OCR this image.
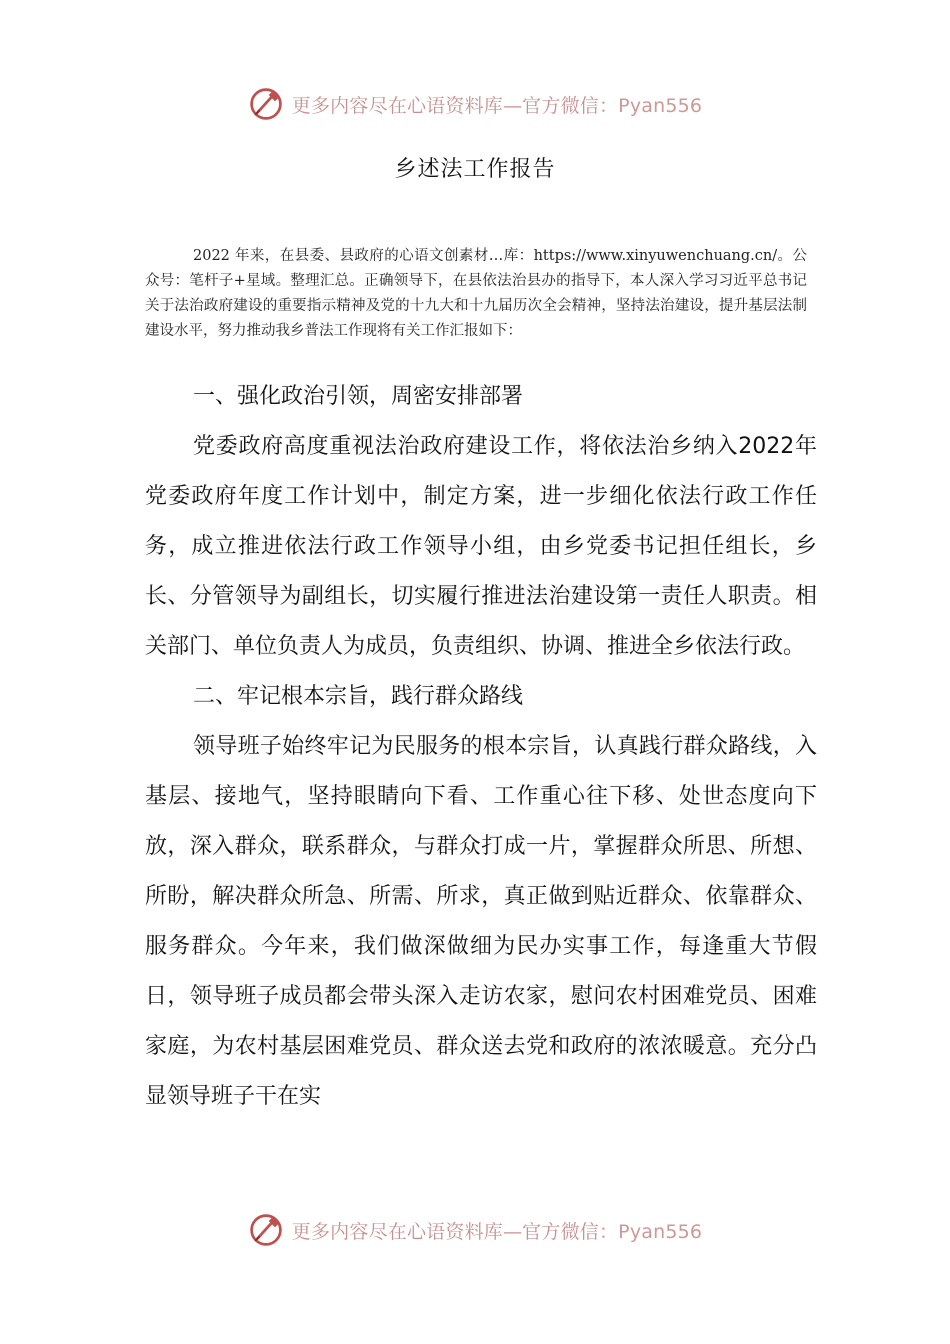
更多内容尽在心语资料库—官方微信：Pyan556
乡述法工作报告
2022 年来，在县委、县政府的心语文创素材…库：https://www.xinyuwenchuang.cn/。公众号：笔杆子+星域。整理汇总。正确领导下，在县依法治县办的指导下，本人深入学习习近平总书记关于法治政府建设的重要指示精神及党的十九大和十九届历次全会精神，坚持法治建设，提升基层法制建设水平，努力推动我乡普法工作现将有关工作汇报如下：

一、强化政治引领，周密安排部署

党委政府高度重视法治政府建设工作，将依法治乡纳入2022年党委政府年度工作计划中，制定方案，进一步细化依法行政工作任务，成立推进依法行政工作领导小组，由乡党委书记担任组长，乡长、分管领导为副组长，切实履行推进法治建设第一责任人职责。相关部门、单位负责人为成员，负责组织、协调、推进全乡依法行政。

二、牢记根本宗旨，践行群众路线

领导班子始终牢记为民服务的根本宗旨，认真践行群众路线，入基层、接地气，坚持眼睛向下看、工作重心往下移、处世态度向下放，深入群众，联系群众，与群众打成一片，掌握群众所思、所想、所盼，解决群众所急、所需、所求，真正做到贴近群众、依靠群众、服务群众。今年来，我们做深做细为民办实事工作，每逢重大节假日，领导班子成员都会带头深入走访农家，慰问农村困难党员、困难家庭，为农村基层困难党员、群众送去党和政府的浓浓暖意。充分凸显领导班子干在实

更多内容尽在心语资料库—官方微信：Pyan556
